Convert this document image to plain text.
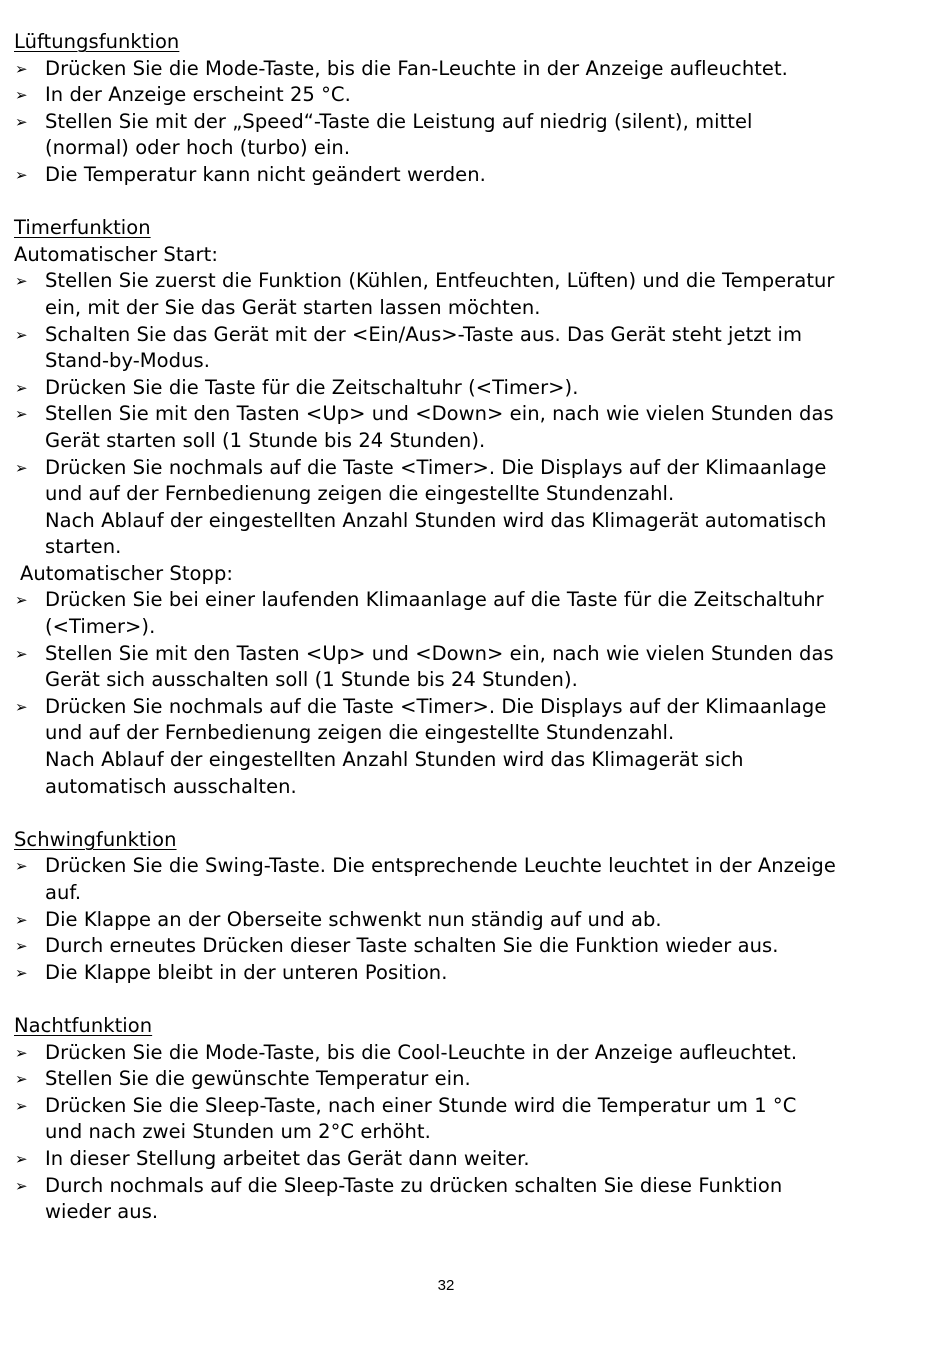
Lüftungsfunktion
➢ Drücken Sie die Mode-Taste, bis die Fan-Leuchte in der Anzeige aufleuchtet.
➢ In der Anzeige erscheint 25 °C.
➢ Stellen Sie mit der „Speed“-Taste die Leistung auf niedrig (silent), mittel
(normal) oder hoch (turbo) ein.
➢ Die Temperatur kann nicht geändert werden.
Timerfunktion
Automatischer Start:
➢ Stellen Sie zuerst die Funktion (Kühlen, Entfeuchten, Lüften) und die Temperatur
ein, mit der Sie das Gerät starten lassen möchten.
➢ Schalten Sie das Gerät mit der <Ein/Aus>-Taste aus. Das Gerät steht jetzt im
Stand-by-Modus.
➢ Drücken Sie die Taste für die Zeitschaltuhr (<Timer>).
➢ Stellen Sie mit den Tasten <Up> und <Down> ein, nach wie vielen Stunden das
Gerät starten soll (1 Stunde bis 24 Stunden).
➢ Drücken Sie nochmals auf die Taste <Timer>. Die Displays auf der Klimaanlage
und auf der Fernbedienung zeigen die eingestellte Stundenzahl.
Nach Ablauf der eingestellten Anzahl Stunden wird das Klimagerät automatisch
starten.
Automatischer Stopp:
➢ Drücken Sie bei einer laufenden Klimaanlage auf die Taste für die Zeitschaltuhr
(<Timer>).
➢ Stellen Sie mit den Tasten <Up> und <Down> ein, nach wie vielen Stunden das
Gerät sich ausschalten soll (1 Stunde bis 24 Stunden).
➢ Drücken Sie nochmals auf die Taste <Timer>. Die Displays auf der Klimaanlage
und auf der Fernbedienung zeigen die eingestellte Stundenzahl.
Nach Ablauf der eingestellten Anzahl Stunden wird das Klimagerät sich
automatisch ausschalten.
Schwingfunktion
➢ Drücken Sie die Swing-Taste. Die entsprechende Leuchte leuchtet in der Anzeige
auf.
➢ Die Klappe an der Oberseite schwenkt nun ständig auf und ab.
➢ Durch erneutes Drücken dieser Taste schalten Sie die Funktion wieder aus.
➢ Die Klappe bleibt in der unteren Position.
Nachtfunktion
➢ Drücken Sie die Mode-Taste, bis die Cool-Leuchte in der Anzeige aufleuchtet.
➢ Stellen Sie die gewünschte Temperatur ein.
➢ Drücken Sie die Sleep-Taste, nach einer Stunde wird die Temperatur um 1 °C
und nach zwei Stunden um 2°C erhöht.
➢ In dieser Stellung arbeitet das Gerät dann weiter.
➢ Durch nochmals auf die Sleep-Taste zu drücken schalten Sie diese Funktion
wieder aus.
32
